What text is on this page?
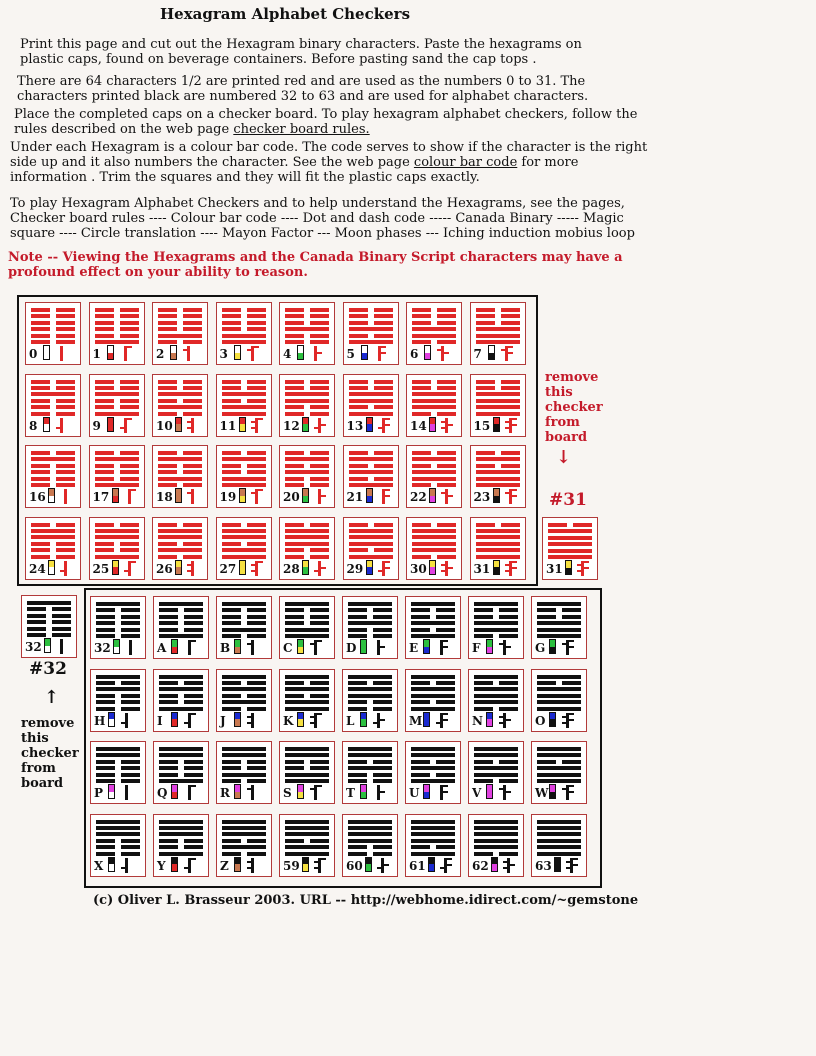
Hexagram Alphabet Checkers

Print this page and cut out the Hexagram binary characters. Paste the hexagrams on plastic caps, found on beverage containers. Before pasting sand the cap tops .

There are 64 characters 1/2 are printed red and are used as the numbers 0 to 31. The characters printed black are numbered 32 to 63 and are used for alphabet characters.

Place the completed caps on a checker board. To play hexagram alphabet checkers, follow the rules described on the web page checker board rules.

Under each Hexagram is a colour bar code. The code serves to show if the character is the right side up and it also numbers the character. See the web page colour bar code for more information . Trim the squares and they will fit the plastic caps exactly.

To play Hexagram Alphabet Checkers and to help understand the Hexagrams, see the pages, Checker board rules ---- Colour bar code ---- Dot and dash code ----- Canada Binary ----- Magic square ---- Circle translation ---- Mayon Factor --- Moon phases --- Iching induction mobius loop

Note -- Viewing the Hexagrams and the Canada Binary Script characters may have a profound effect on your ability to reason.

remove
this
checker
from
board
↓
#31
#32
↑
remove
this
checker
from
board
(c) Oliver L. Brasseur 2003. URL -- http://webhome.idirect.com/~gemstone
0	1	2	3	4	5	6	7
8	9	10	11	12	13	14	15
16	17	18	19	20	21	22	23
24	25	26	27	28	29	30	31	31
32	A	B	C	D	E	F	G
H	I	J	K	L	M	N	O
P	Q	R	S	T	U	V	W
X	Y	Z	59	60	61	62	63
32
